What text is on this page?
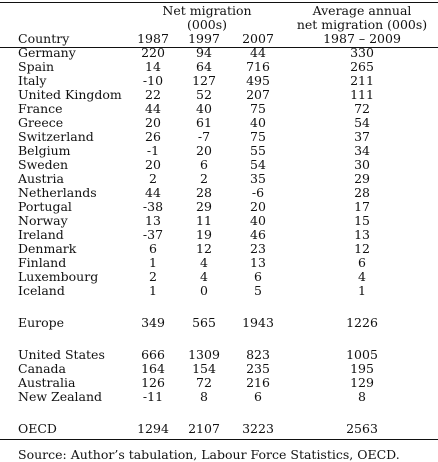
	Net migration			Average annual
	(000s)			net migration (000s)
Country	1987	1997	2007	1987 – 2009
Germany	220	94	44	330
Spain	14	64	716	265
Italy	-10	127	495	211
United Kingdom	22	52	207	111
France	44	40	75	72
Greece	20	61	40	54
Switzerland	26	-7	75	37
Belgium	-1	20	55	34
Sweden	20	6	54	30
Austria	2	2	35	29
Netherlands	44	28	-6	28
Portugal	-38	29	20	17
Norway	13	11	40	15
Ireland	-37	19	46	13
Denmark	6	12	23	12
Finland	1	4	13	6
Luxembourg	2	4	6	4
Iceland	1	0	5	1

Europe	349	565	1943	1226

United States	666	1309	823	1005
Canada	164	154	235	195
Australia	126	72	216	129
New Zealand	-11	8	6	8

OECD	1294	2107	3223	2563
Source: Author’s tabulation, Labour Force Statistics, OECD.
